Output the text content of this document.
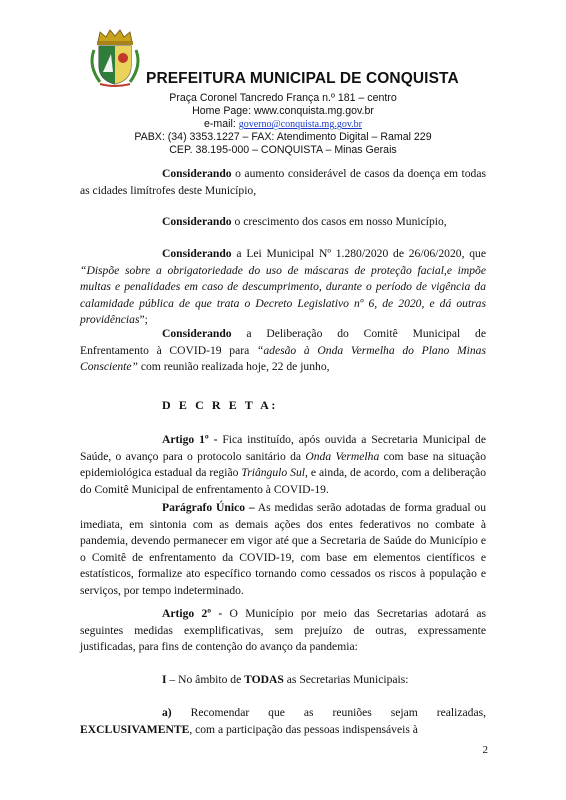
PREFEITURA MUNICIPAL DE CONQUISTA
Praça Coronel Tancredo França n.º 181 – centro
Home Page: www.conquista.mg.gov.br
e-mail: governo@conquista.mg.gov.br
PABX: (34) 3353.1227 – FAX: Atendimento Digital – Ramal 229
CEP. 38.195-000 – CONQUISTA – Minas Gerais

Considerando o aumento considerável de casos da doença em todas as cidades limítrofes deste Município,

Considerando o crescimento dos casos em nosso Município,

Considerando a Lei Municipal Nº 1.280/2020 de 26/06/2020, que “Dispõe sobre a obrigatoriedade do uso de máscaras de proteção facial,e impõe multas e penalidades em caso de descumprimento, durante o período de vigência da calamidade pública de que trata o Decreto Legislativo nº 6, de 2020, e dá outras providências”;

Considerando a Deliberação do Comitê Municipal de Enfrentamento à COVID-19 para “adesão à Onda Vermelha do Plano Minas Consciente” com reunião realizada hoje, 22 de junho,

D E C R E T A:

Artigo 1º - Fica instituído, após ouvida a Secretaria Municipal de Saúde, o avanço para o protocolo sanitário da Onda Vermelha com base na situação epidemiológica estadual da região Triângulo Sul, e ainda, de acordo, com a deliberação do Comitê Municipal de enfrentamento à COVID-19.

Parágrafo Único – As medidas serão adotadas de forma gradual ou imediata, em sintonia com as demais ações dos entes federativos no combate à pandemia, devendo permanecer em vigor até que a Secretaria de Saúde do Município e o Comitê de enfrentamento da COVID-19, com base em elementos científicos e estatísticos, formalize ato específico tornando como cessados os riscos à população e serviços, por tempo indeterminado.

Artigo 2º - O Município por meio das Secretarias adotará as seguintes medidas exemplificativas, sem prejuízo de outras, expressamente justificadas, para fins de contenção do avanço da pandemia:

I – No âmbito de TODAS as Secretarias Municipais:

a) Recomendar que as reuniões sejam realizadas, EXCLUSIVAMENTE, com a participação das pessoas indispensáveis à

2
